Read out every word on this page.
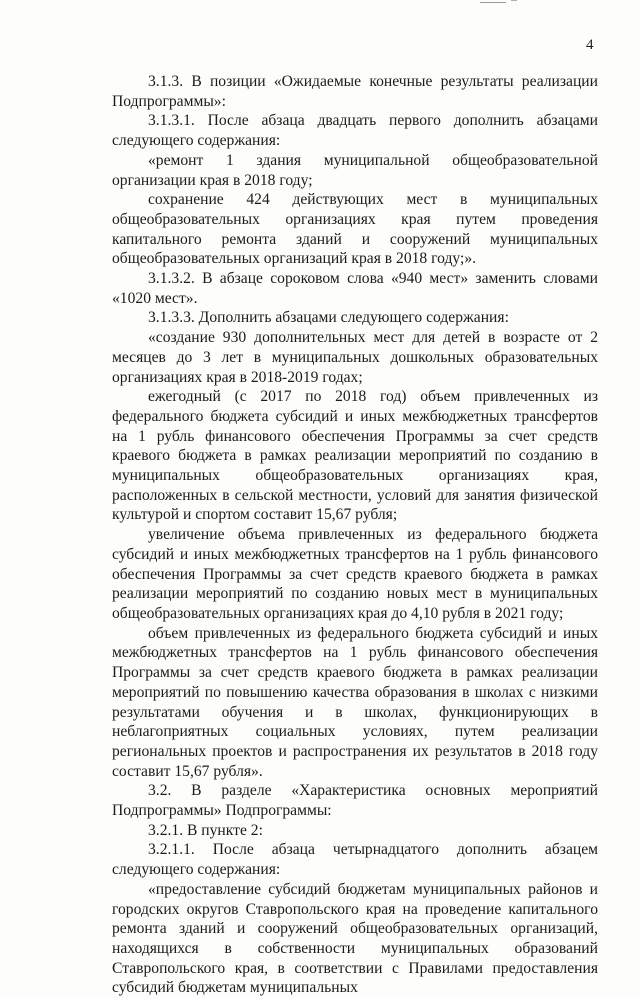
4

3.1.3. В позиции «Ожидаемые конечные результаты реализации Подпрограммы»:

3.1.3.1. После абзаца двадцать первого дополнить абзацами следующего содержания:

«ремонт 1 здания муниципальной общеобразовательной организации края в 2018 году;

сохранение 424 действующих мест в муниципальных общеобразовательных организациях края путем проведения капитального ремонта зданий и сооружений муниципальных общеобразовательных организаций края в 2018 году;».

3.1.3.2. В абзаце сороковом слова «940 мест» заменить словами «1020 мест».

3.1.3.3. Дополнить абзацами следующего содержания:

«создание 930 дополнительных мест для детей в возрасте от 2 месяцев до 3 лет в муниципальных дошкольных образовательных организациях края в 2018-2019 годах;

ежегодный (с 2017 по 2018 год) объем привлеченных из федерального бюджета субсидий и иных межбюджетных трансфертов на 1 рубль финансового обеспечения Программы за счет средств краевого бюджета в рамках реализации мероприятий по созданию в муниципальных общеобразовательных организациях края, расположенных в сельской местности, условий для занятия физической культурой и спортом составит 15,67 рубля;

увеличение объема привлеченных из федерального бюджета субсидий и иных межбюджетных трансфертов на 1 рубль финансового обеспечения Программы за счет средств краевого бюджета в рамках реализации мероприятий по созданию новых мест в муниципальных общеобразовательных организациях края до 4,10 рубля в 2021 году;

объем привлеченных из федерального бюджета субсидий и иных межбюджетных трансфертов на 1 рубль финансового обеспечения Программы за счет средств краевого бюджета в рамках реализации мероприятий по повышению качества образования в школах с низкими результатами обучения и в школах, функционирующих в неблагоприятных социальных условиях, путем реализации региональных проектов и распространения их результатов в 2018 году составит 15,67 рубля».

3.2. В разделе «Характеристика основных мероприятий Подпрограммы» Подпрограммы:

3.2.1. В пункте 2:

3.2.1.1. После абзаца четырнадцатого дополнить абзацем следующего содержания:

«предоставление субсидий бюджетам муниципальных районов и городских округов Ставропольского края на проведение капитального ремонта зданий и сооружений общеобразовательных организаций, находящихся в собственности муниципальных образований Ставропольского края, в соответствии с Правилами предоставления субсидий бюджетам муниципальных
